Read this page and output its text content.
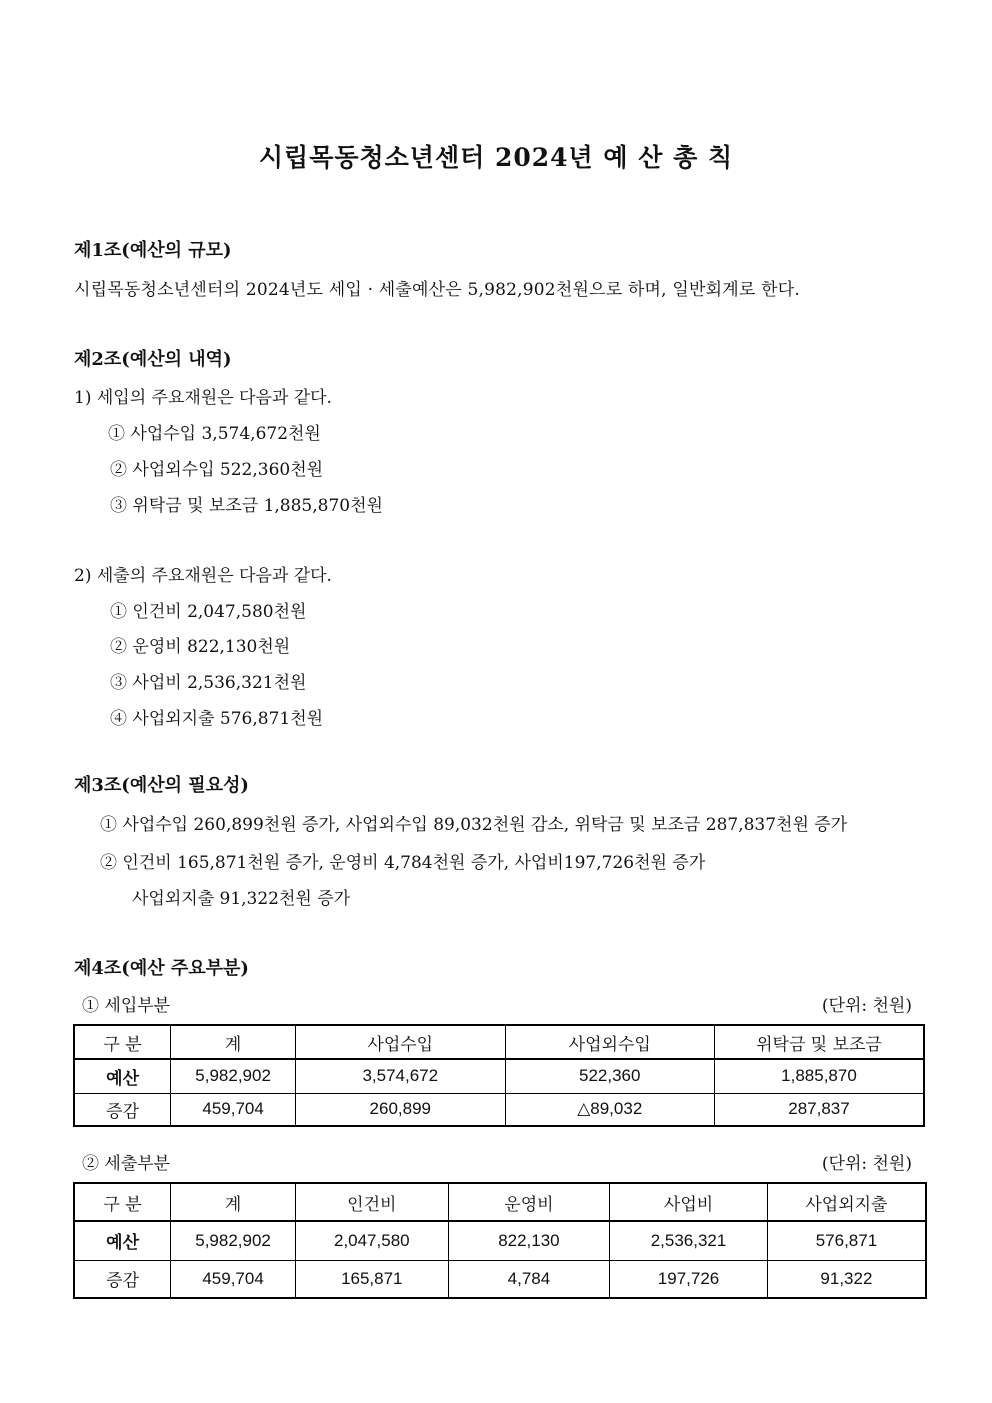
시립목동청소년센터 2024년 예 산 총 칙
제1조(예산의 규모)
시립목동청소년센터의 2024년도 세입 · 세출예산은 5,982,902천원으로 하며, 일반회계로 한다.
제2조(예산의 내역)
1) 세입의 주요재원은 다음과 같다.
① 사업수입 3,574,672천원
② 사업외수입 522,360천원
③ 위탁금 및 보조금 1,885,870천원
2) 세출의 주요재원은 다음과 같다.
① 인건비 2,047,580천원
② 운영비 822,130천원
③ 사업비 2,536,321천원
④ 사업외지출 576,871천원
제3조(예산의 필요성)
① 사업수입 260,899천원 증가, 사업외수입 89,032천원 감소, 위탁금 및 보조금 287,837천원 증가
② 인건비 165,871천원 증가, 운영비 4,784천원 증가, 사업비197,726천원 증가
사업외지출 91,322천원 증가
제4조(예산 주요부분)
① 세입부분	(단위: 천원)
구 분	계	사업수입	사업외수입	위탁금 및 보조금
예산	5,982,902	3,574,672	522,360	1,885,870
증감	459,704	260,899	△89,032	287,837
② 세출부분	(단위: 천원)
구 분	계	인건비	운영비	사업비	사업외지출
예산	5,982,902	2,047,580	822,130	2,536,321	576,871
증감	459,704	165,871	4,784	197,726	91,322
